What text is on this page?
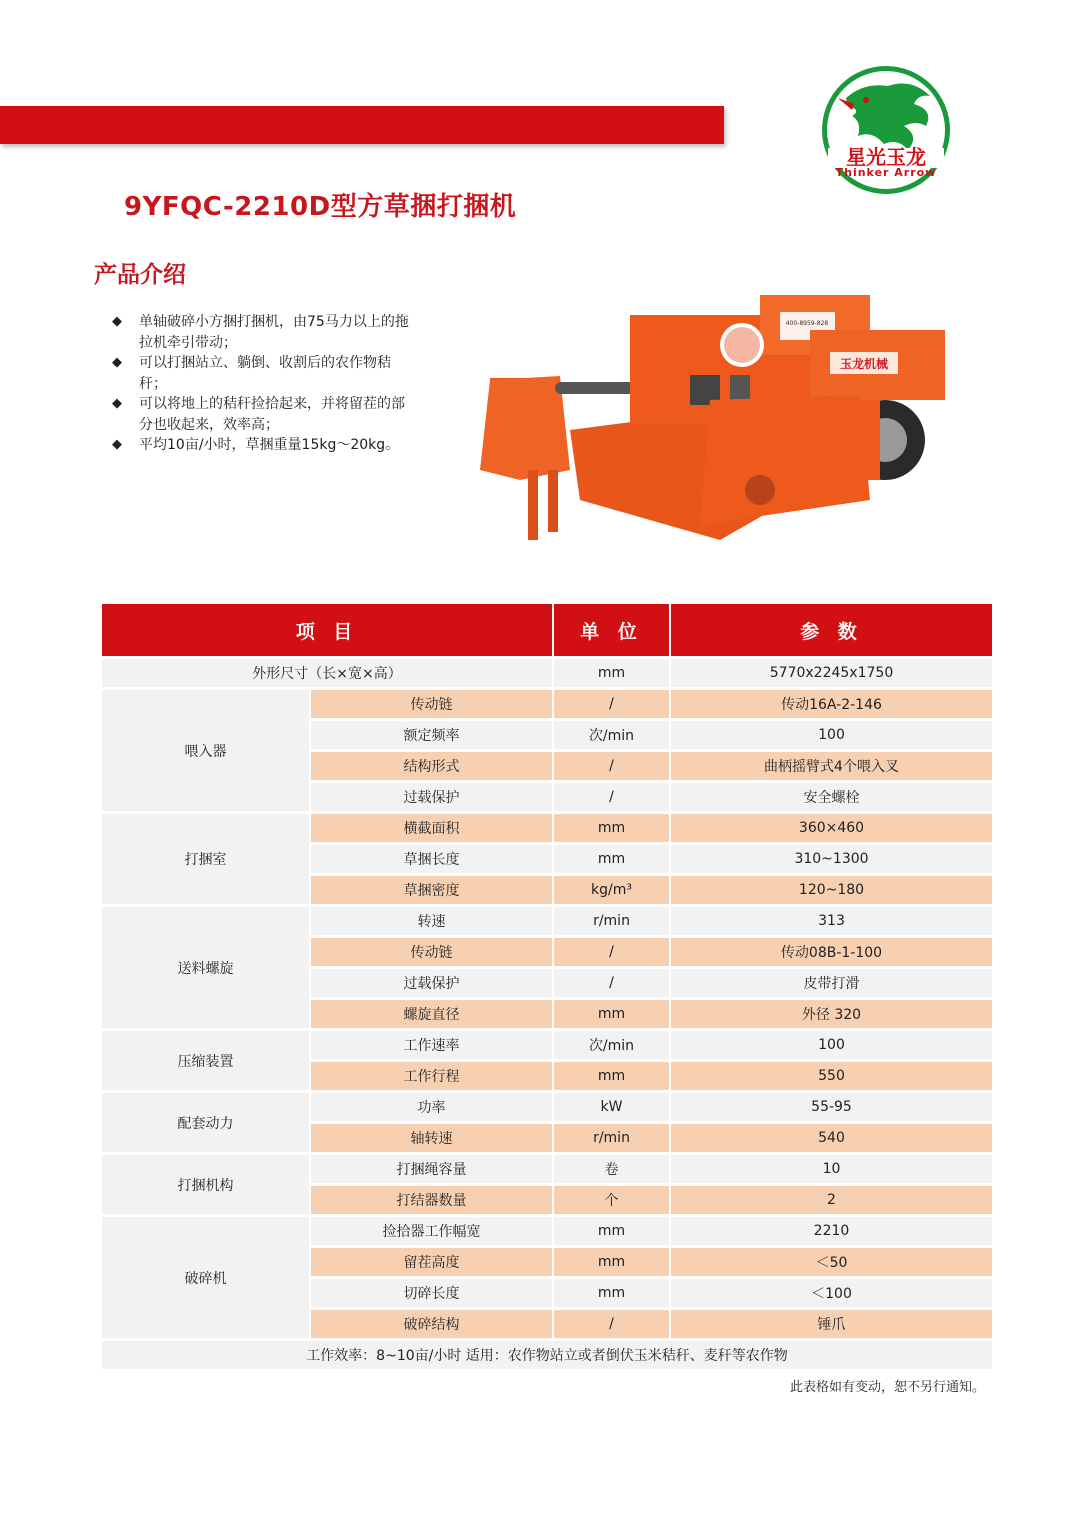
星光玉龙
Thinker Arrow
9YFQC-2210D型方草捆打捆机
产品介绍
◆ 单轴破碎小方捆打捆机，由75马力以上的拖拉机牵引带动；
◆ 可以打捆站立、躺倒、收割后的农作物秸秆；
◆ 可以将地上的秸秆捡拾起来，并将留茬的部分也收起来，效率高；
◆ 平均10亩/小时，草捆重量15kg～20kg。
400-8959-828
玉龙机械
项 目		单 位	参 数
外形尺寸（长×宽×高）		mm	5770x2245x1750
喂入器	传动链	/	传动16A-2-146
	额定频率	次/min	100
	结构形式	/	曲柄摇臂式4个喂入叉
	过载保护	/	安全螺栓
打捆室	横截面积	mm	360×460
	草捆长度	mm	310~1300
	草捆密度	kg/m³	120~180
送料螺旋	转速	r/min	313
	传动链	/	传动08B-1-100
	过载保护	/	皮带打滑
	螺旋直径	mm	外径 320
压缩装置	工作速率	次/min	100
	工作行程	mm	550
配套动力	功率	kW	55-95
	轴转速	r/min	540
打捆机构	打捆绳容量	卷	10
	打结器数量	个	2
破碎机	捡拾器工作幅宽	mm	2210
	留茬高度	mm	＜50
	切碎长度	mm	＜100
	破碎结构	/	锤爪
工作效率：8~10亩/小时 适用：农作物站立或者倒伏玉米秸秆、麦秆等农作物			
此表格如有变动，恕不另行通知。
